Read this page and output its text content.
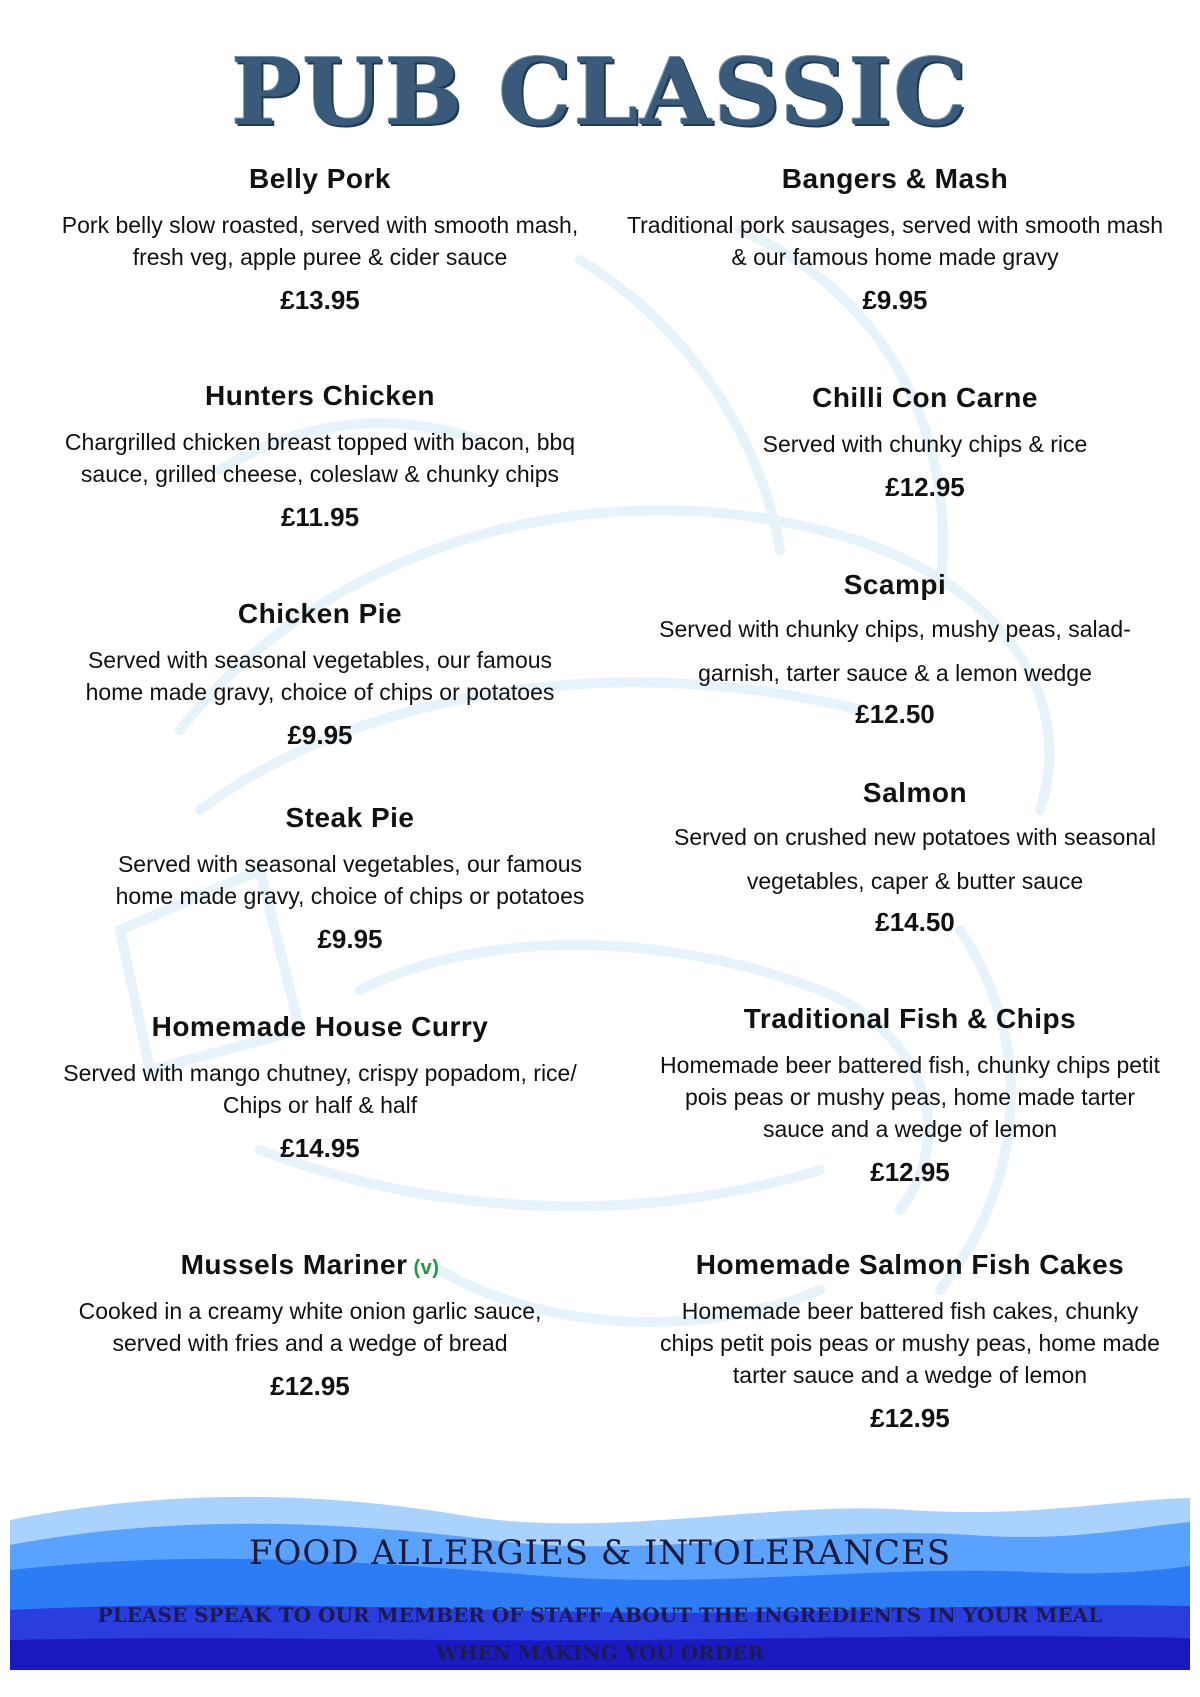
PUB CLASSIC
Belly Pork
Pork belly slow roasted, served with smooth mash, fresh veg, apple puree & cider sauce
£13.95
Hunters Chicken
Chargrilled chicken breast topped with bacon, bbq sauce, grilled cheese, coleslaw & chunky chips
£11.95
Chicken Pie
Served with seasonal vegetables, our famous home made gravy, choice of chips or potatoes
£9.95
Steak Pie
Served with seasonal vegetables, our famous home made gravy, choice of chips or potatoes
£9.95
Homemade House Curry
Served with mango chutney, crispy popadom, rice/ Chips or half & half
£14.95
Mussels Mariner (v)
Cooked in a creamy white onion garlic sauce, served with fries and a wedge of bread
£12.95
Bangers & Mash
Traditional pork sausages, served with smooth mash & our famous home made gravy
£9.95
Chilli Con Carne
Served with chunky chips & rice
£12.95
Scampi
Served with chunky chips, mushy peas, salad- garnish, tarter sauce & a lemon wedge
£12.50
Salmon
Served on crushed new potatoes with seasonal vegetables, caper & butter sauce
£14.50
Traditional Fish & Chips
Homemade beer battered fish, chunky chips petit pois peas or mushy peas, home made tarter sauce and a wedge of lemon
£12.95
Homemade Salmon Fish Cakes
Homemade beer battered fish cakes, chunky chips petit pois peas or mushy peas, home made tarter sauce and a wedge of lemon
£12.95
FOOD ALLERGIES & INTOLERANCES
PLEASE SPEAK TO OUR MEMBER OF STAFF ABOUT THE INGREDIENTS IN YOUR MEAL WHEN MAKING YOU ORDER
